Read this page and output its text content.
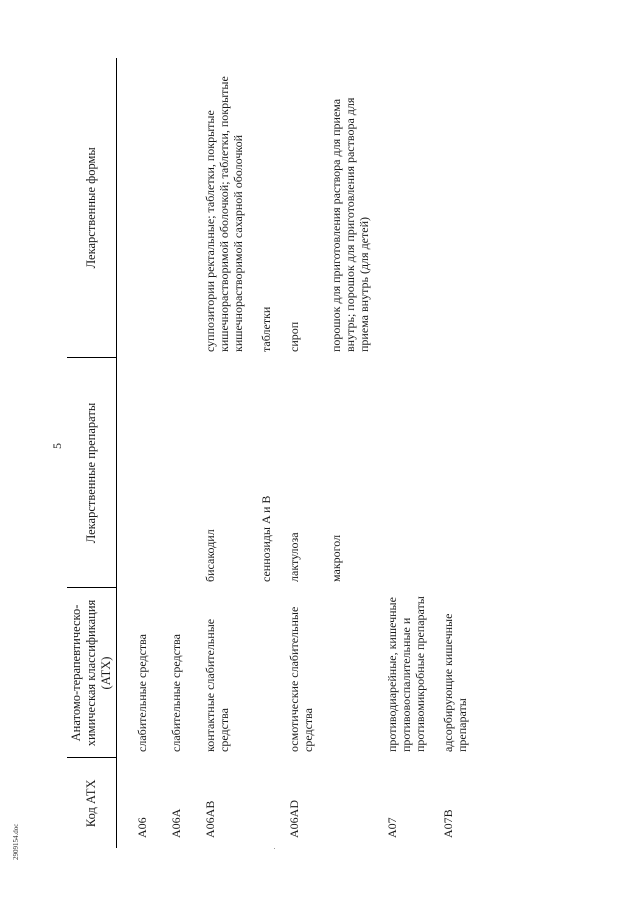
5
2909154.doc
Код АТХ	Анатомо-терапевтическо-химическая классификация (АТХ)	Лекарственные препараты	Лекарственные формы
A06	слабительные средства		
A06A	слабительные средства		
A06AB	контактные слабительные средства	бисакодил	суппозитории ректальные; таблетки, покрытые кишечнорастворимой оболочкой; таблетки, покрытые кишечнорастворимой сахарной оболочкой
		сеннозиды A и B	таблетки
A06AD	осмотические слабительные средства	лактулоза	сироп
		макрогол	порошок для приготовления раствора для приема внутрь; порошок для приготовления раствора для приема внутрь (для детей)
A07	противодиарейные, кишечные противовоспалительные и противомикробные препараты		
A07B	адсорбирующие кишечные препараты		
